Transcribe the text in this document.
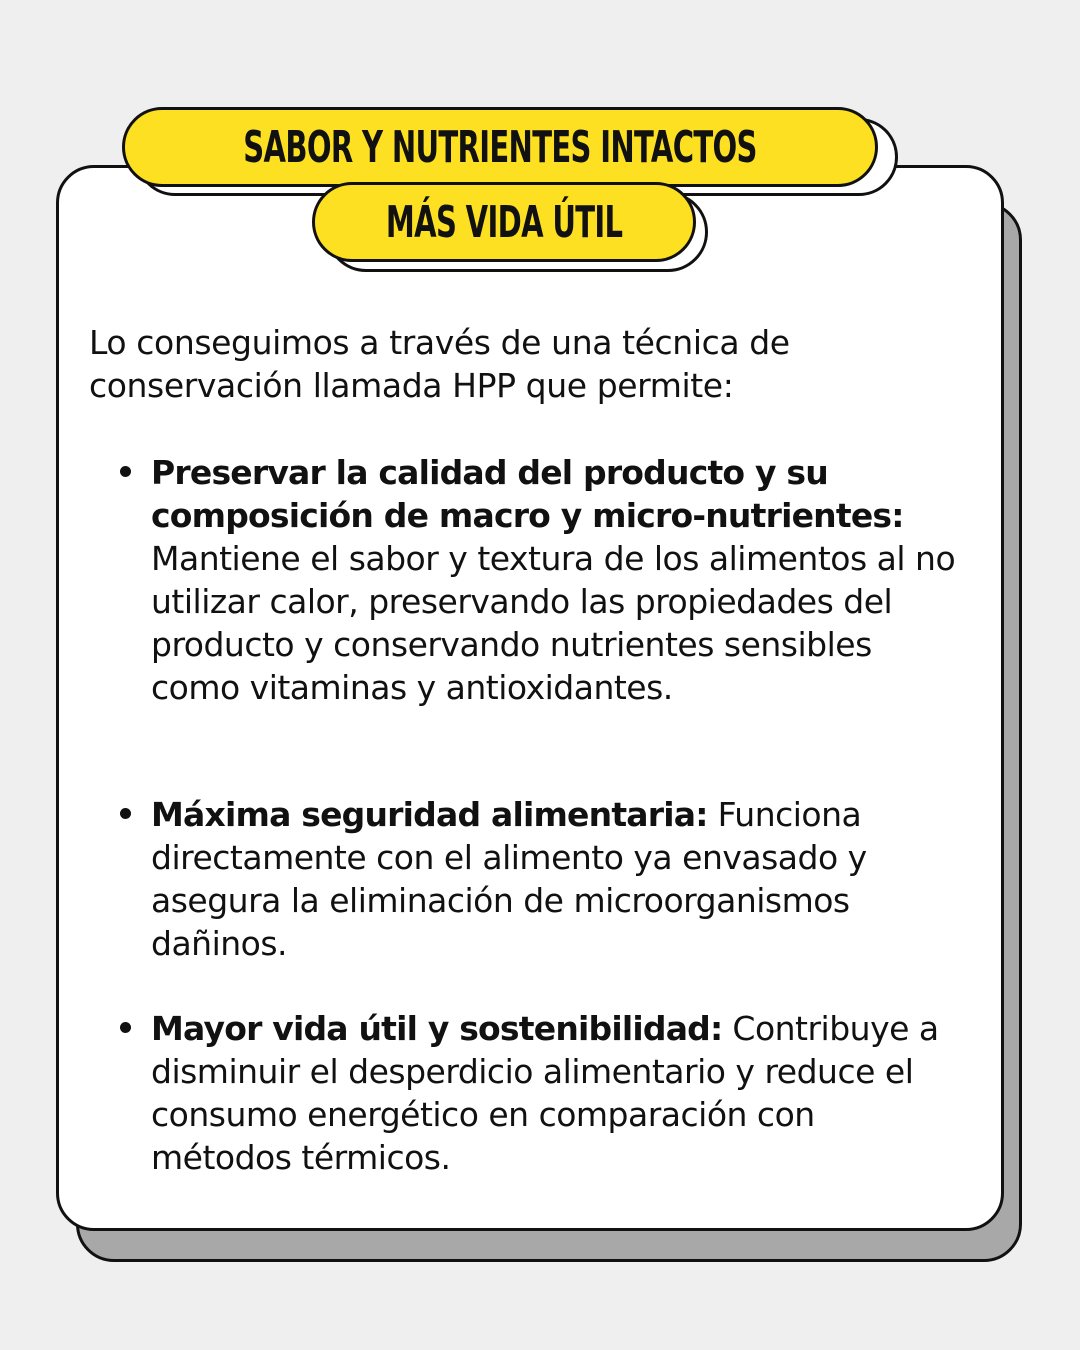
SABOR Y NUTRIENTES INTACTOS
MÁS VIDA ÚTIL

Lo conseguimos a través de una técnica de conservación llamada HPP que permite:

Preservar la calidad del producto y su composición de macro y micro-nutrientes: Mantiene el sabor y textura de los alimentos al no utilizar calor, preservando las propiedades del producto y conservando nutrientes sensibles como vitaminas y antioxidantes.
Máxima seguridad alimentaria: Funciona directamente con el alimento ya envasado y asegura la eliminación de microorganismos dañinos.
Mayor vida útil y sostenibilidad: Contribuye a disminuir el desperdicio alimentario y reduce el consumo energético en comparación con métodos térmicos.
